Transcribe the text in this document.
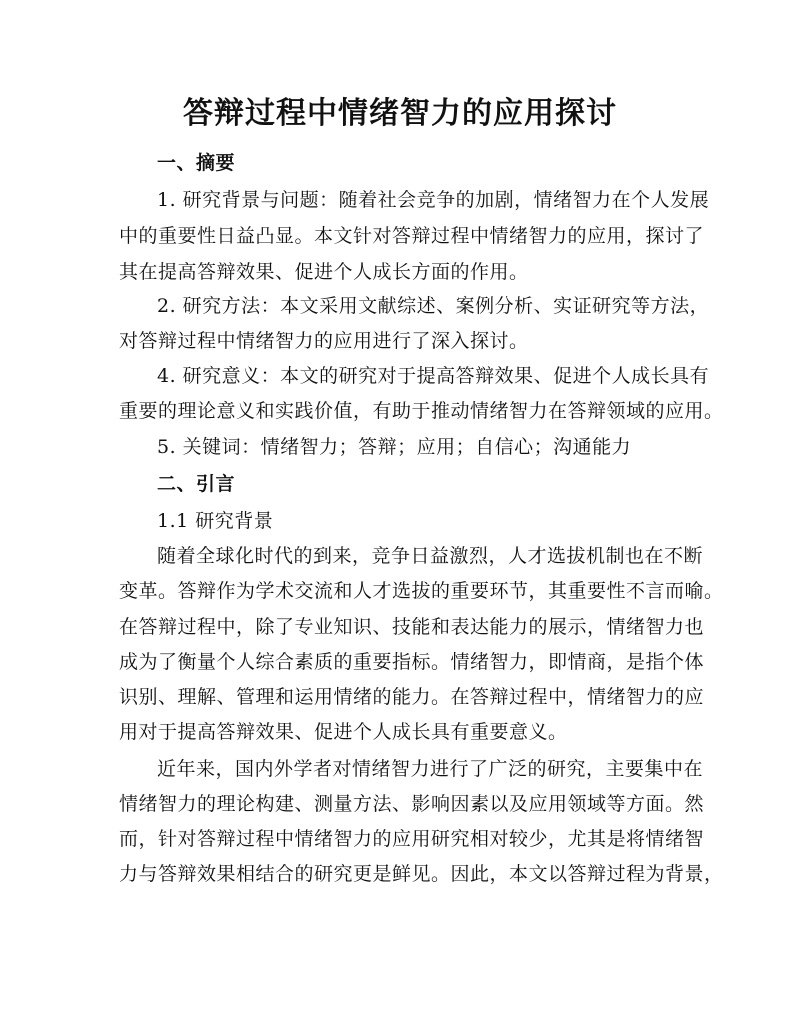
答辩过程中情绪智力的应用探讨
一、摘要
1. 研究背景与问题：随着社会竞争的加剧，情绪智力在个人发展
中的重要性日益凸显。本文针对答辩过程中情绪智力的应用，探讨了
其在提高答辩效果、促进个人成长方面的作用。
2. 研究方法：本文采用文献综述、案例分析、实证研究等方法，
对答辩过程中情绪智力的应用进行了深入探讨。
4. 研究意义：本文的研究对于提高答辩效果、促进个人成长具有
重要的理论意义和实践价值，有助于推动情绪智力在答辩领域的应用。
5. 关键词：情绪智力；答辩；应用；自信心；沟通能力
二、引言
1.1 研究背景
随着全球化时代的到来，竞争日益激烈，人才选拔机制也在不断
变革。答辩作为学术交流和人才选拔的重要环节，其重要性不言而喻。
在答辩过程中，除了专业知识、技能和表达能力的展示，情绪智力也
成为了衡量个人综合素质的重要指标。情绪智力，即情商，是指个体
识别、理解、管理和运用情绪的能力。在答辩过程中，情绪智力的应
用对于提高答辩效果、促进个人成长具有重要意义。
近年来，国内外学者对情绪智力进行了广泛的研究，主要集中在
情绪智力的理论构建、测量方法、影响因素以及应用领域等方面。然
而，针对答辩过程中情绪智力的应用研究相对较少，尤其是将情绪智
力与答辩效果相结合的研究更是鲜见。因此，本文以答辩过程为背景，
